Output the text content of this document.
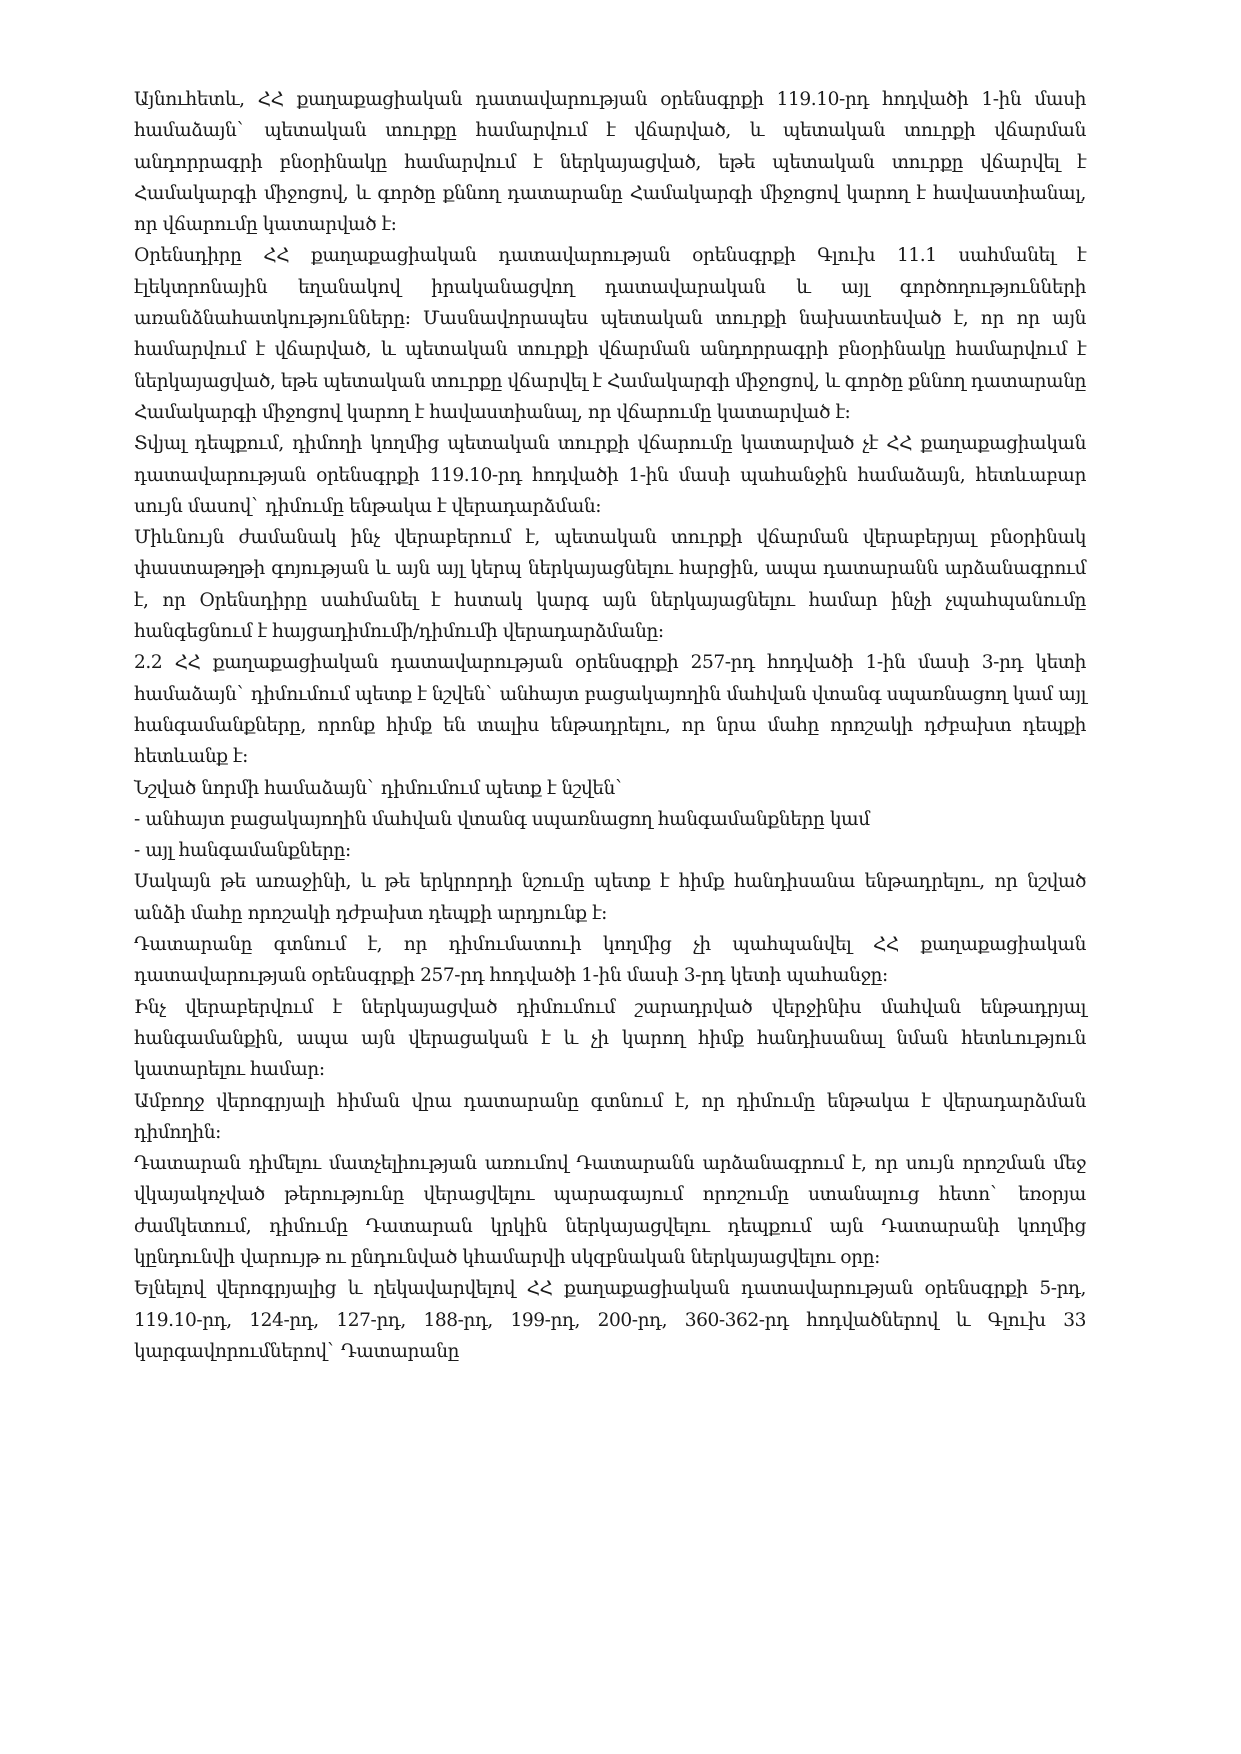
Այնուհետև, ՀՀ քաղաքացիական դատավարության օրենսգրքի 119.10-րդ հոդվածի 1-ին մասի համաձայն` պետական տուրքը համարվում է վճարված, և պետական տուրքի վճարման անդորրագրի բնօրինակը համարվում է ներկայացված, եթե պետական տուրքը վճարվել է Համակարգի միջոցով, և գործը քննող դատարանը Համակարգի միջոցով կարող է հավաստիանալ, որ վճարումը կատարված է:

Օրենսդիրը ՀՀ քաղաքացիական դատավարության օրենսգրքի Գլուխ 11.1 սահմանել է էլեկտրոնային եղանակով իրականացվող դատավարական և այլ գործողությունների առանձնահատկությունները: Մասնավորապես պետական տուրքի նախատեսված է, որ որ այն համարվում է վճարված, և պետական տուրքի վճարման անդորրագրի բնօրինակը համարվում է ներկայացված, եթե պետական տուրքը վճարվել է Համակարգի միջոցով, և գործը քննող դատարանը Համակարգի միջոցով կարող է հավաստիանալ, որ վճարումը կատարված է:

Տվյալ դեպքում, դիմողի կողմից պետական տուրքի վճարումը կատարված չէ ՀՀ քաղաքացիական դատավարության օրենսգրքի 119.10-րդ հոդվածի 1-ին մասի պահանջին համաձայն, հետևաբար սույն մասով` դիմումը ենթակա է վերադարձման:

Միևնույն ժամանակ ինչ վերաբերում է, պետական տուրքի վճարման վերաբերյալ բնօրինակ փաստաթղթի գոյության և այն այլ կերպ ներկայացնելու հարցին, ապա դատարանն արձանագրում է, որ Օրենսդիրը սահմանել է հստակ կարգ այն ներկայացնելու համար ինչի չպահպանումը հանգեցնում է հայցադիմումի/դիմումի վերադարձմանը:

2.2 ՀՀ քաղաքացիական դատավարության օրենսգրքի 257-րդ հոդվածի 1-ին մասի 3-րդ կետի համաձայն` դիմումում պետք է նշվեն` անհայտ բացակայողին մահվան վտանգ սպառնացող կամ այլ հանգամանքները, որոնք հիմք են տալիս ենթադրելու, որ նրա մահը որոշակի դժբախտ դեպքի հետևանք է:

Նշված նորմի համաձայն` դիմումում պետք է նշվեն`

- անհայտ բացակայողին մահվան վտանգ սպառնացող հանգամանքները կամ

- այլ հանգամանքները:

Սակայն թե առաջինի, և թե երկրորդի նշումը պետք է հիմք հանդիսանա ենթադրելու, որ նշված անձի մահը որոշակի դժբախտ դեպքի արդյունք է:

Դատարանը գտնում է, որ դիմումատուի կողմից չի պահպանվել ՀՀ քաղաքացիական դատավարության օրենսգրքի 257-րդ հոդվածի 1-ին մասի 3-րդ կետի պահանջը:

Ինչ վերաբերվում է ներկայացված դիմումում շարադրված վերջինիս մահվան ենթադրյալ հանգամանքին, ապա այն վերացական է և չի կարող հիմք հանդիսանալ նման հետևություն կատարելու համար:

Ամբողջ վերոգրյալի հիման վրա դատարանը գտնում է, որ դիմումը ենթակա է վերադարձման դիմողին:

Դատարան դիմելու մատչելիության առումով Դատարանն արձանագրում է, որ սույն որոշման մեջ վկայակոչված թերությունը վերացվելու պարագայում որոշումը ստանալուց հետո` եռօրյա ժամկետում, դիմումը Դատարան կրկին ներկայացվելու դեպքում այն Դատարանի կողմից կընդունվի վարույթ ու ընդունված կհամարվի սկզբնական ներկայացվելու օրը:

Ելնելով վերոգրյալից և ղեկավարվելով ՀՀ քաղաքացիական դատավարության օրենսգրքի 5-րդ, 119.10-րդ, 124-րդ, 127-րդ, 188-րդ, 199-րդ, 200-րդ, 360-362-րդ հոդվածներով և Գլուխ 33 կարգավորումներով` Դատարանը
